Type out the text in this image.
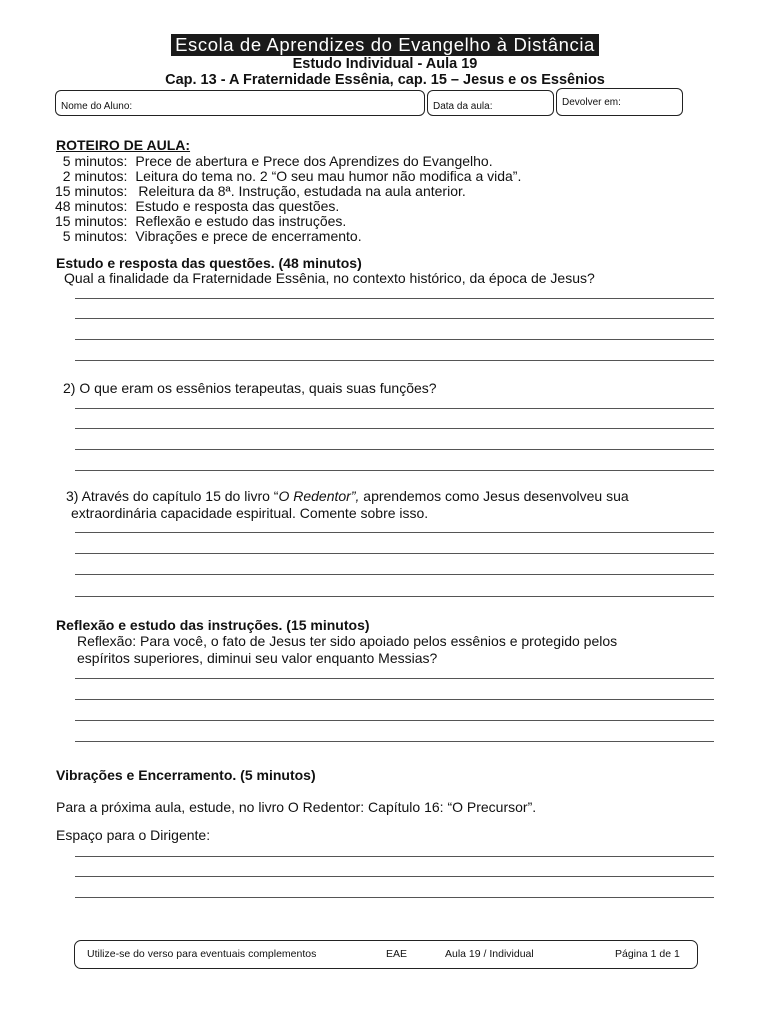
Escola de Aprendizes do Evangelho à Distância
Estudo Individual - Aula 19
Cap. 13 - A Fraternidade Essênia, cap. 15 – Jesus e os Essênios
Nome do Aluno:	Data da aula:	Devolver em:
ROTEIRO DE AULA:
5 minutos:	Prece de abertura e Prece dos Aprendizes do Evangelho.
2 minutos:	Leitura do tema no. 2 “O seu mau humor não modifica a vida”.
15 minutos:	Releitura da 8ª. Instrução, estudada na aula anterior.
48 minutos:	Estudo e resposta das questões.
15 minutos:	Reflexão e estudo das instruções.
5 minutos:	Vibrações e prece de encerramento.
Estudo e resposta das questões. (48 minutos)
Qual a finalidade da Fraternidade Essênia, no contexto histórico, da época de Jesus?
2) O que eram os essênios terapeutas, quais suas funções?
3) Através do capítulo 15 do livro “O Redentor”, aprendemos como Jesus desenvolveu sua
extraordinária capacidade espiritual. Comente sobre isso.
Reflexão e estudo das instruções. (15 minutos)
Reflexão: Para você, o fato de Jesus ter sido apoiado pelos essênios e protegido pelos
espíritos superiores, diminui seu valor enquanto Messias?
Vibrações e Encerramento. (5 minutos)
Para a próxima aula, estude, no livro O Redentor: Capítulo 16: “O Precursor”.
Espaço para o Dirigente:
Utilize-se do verso para eventuais complementos	EAE	Aula 19 / Individual	Página 1 de 1
